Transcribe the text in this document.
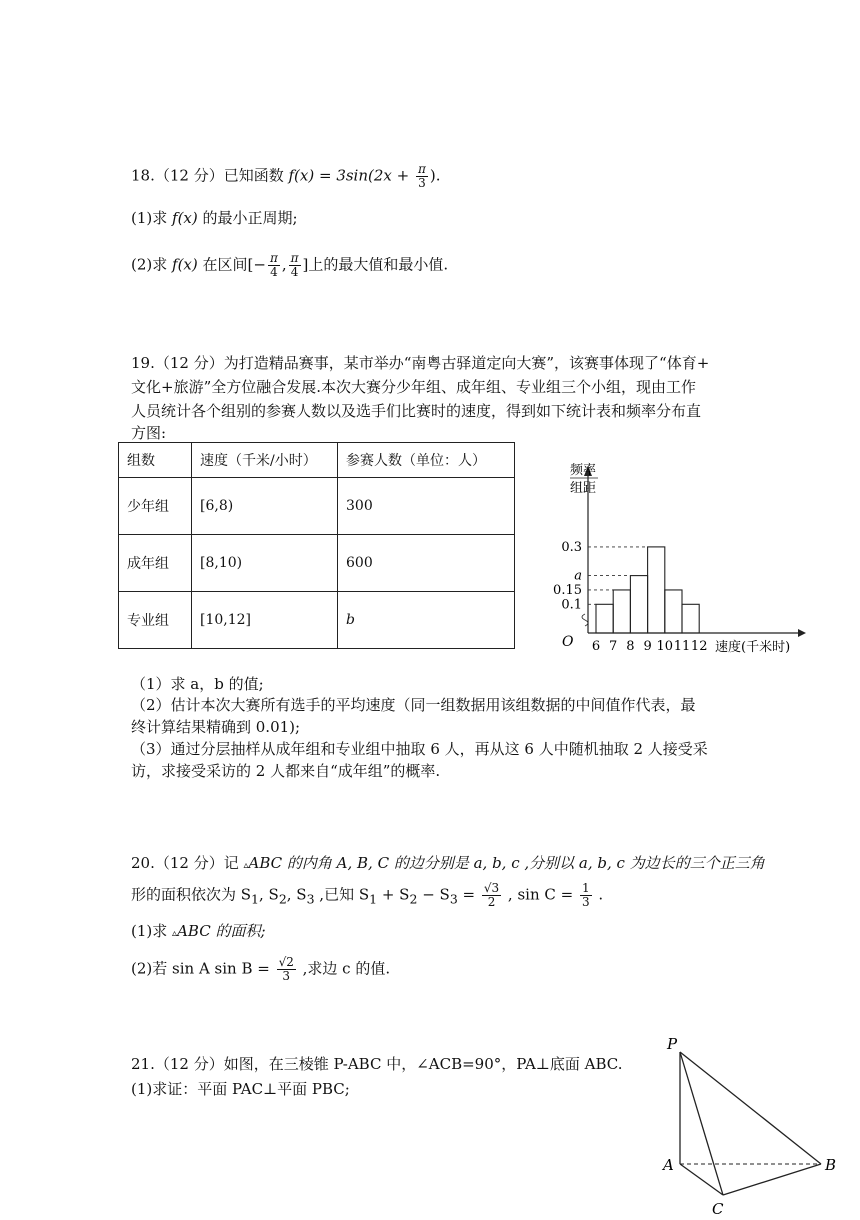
18.（12 分）已知函数 $f(x) = 3\sin(2x + \frac{\pi}{3}$ ).
(1)求 f(x) 的最小正周期;
(2)求 f(x) 在区间[− $\frac{\pi}{4}$ , $\frac{\pi}{4}$ ]上的最大值和最小值.
19.（12 分）为打造精品赛事，某市举办“南粤古驿道定向大赛”，该赛事体现了“体育+
文化+旅游”全方位融合发展.本次大赛分少年组、成年组、专业组三个小组，现由工作
人员统计各个组别的参赛人数以及选手们比赛时的速度，得到如下统计表和频率分布直
方图:
组数	速度（千米/小时）	参赛人数（单位：人）
少年组	[6,8)	300
成年组	[8,10)	600
专业组	[10,12]	b
频率
组距
O	速度(千米时)
0.3
a
0.15
0.1
6 7 8 9 10 11 12
（1）求 a，b 的值;
（2）估计本次大赛所有选手的平均速度（同一组数据用该组数据的中间值作代表，最
终计算结果精确到 0.01);
（3）通过分层抽样从成年组和专业组中抽取 6 人，再从这 6 人中随机抽取 2 人接受采
访，求接受采访的 2 人都来自“成年组”的概率.
20.（12 分）记 ▵ABC 的内角 A, B, C 的边分别是 a, b, c ,分别以 a, b, c 为边长的三个正三角
形的面积依次为 $S_1$, $S_2$, $S_3$ ,已知 $S_1 + S_2 - S_3 = \frac{√3}{2}$ , $\sin C = \frac{1}{3}$ .
(1)求 ▵ABC 的面积;
(2)若 sin A $\sin B = \frac{√2}{3}$ ,求边 c 的值.
21.（12 分）如图，在三棱锥 P-ABC 中，∠ACB=90°，PA⊥底面 ABC.
(1)求证：平面 PAC⊥平面 PBC;
P
A	B
C
